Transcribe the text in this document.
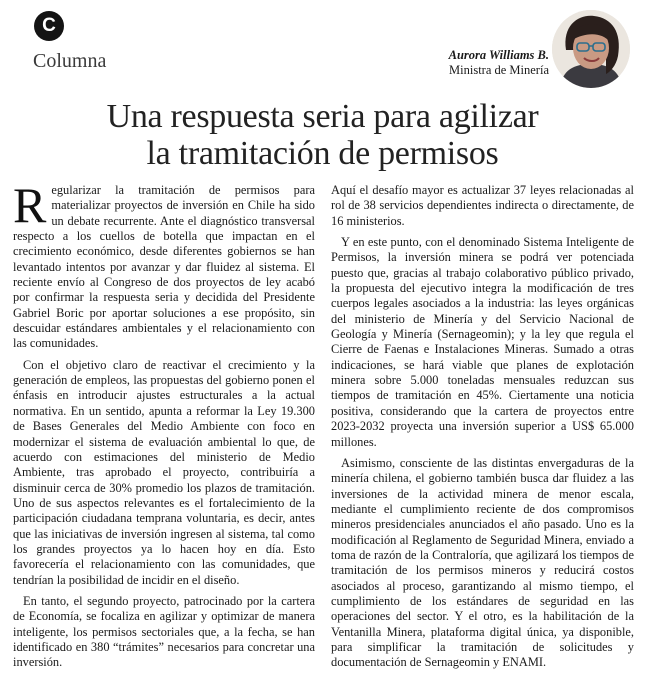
C
Columna	Aurora Williams B.
Ministra de Minería
Una respuesta seria para agilizar
la tramitación de permisos

Regularizar la tramitación de permisos para materializar proyectos de inversión en Chile ha sido un debate recurrente. Ante el diagnóstico transversal respecto a los cuellos de botella que impactan en el crecimiento económico, desde diferentes gobiernos se han levantado intentos por avanzar y dar fluidez al sistema. El reciente envío al Congreso de dos proyectos de ley acabó por confirmar la respuesta seria y decidida del Presidente Gabriel Boric por aportar soluciones a ese propósito, sin descuidar estándares ambientales y el relacionamiento con las comunidades.

Con el objetivo claro de reactivar el crecimiento y la generación de empleos, las propuestas del gobierno ponen el énfasis en introducir ajustes estructurales a la actual normativa. En un sentido, apunta a reformar la Ley 19.300 de Bases Generales del Medio Ambiente con foco en modernizar el sistema de evaluación ambiental lo que, de acuerdo con estimaciones del ministerio de Medio Ambiente, tras aprobado el proyecto, contribuiría a disminuir cerca de 30% promedio los plazos de tramitación. Uno de sus aspectos relevantes es el fortalecimiento de la participación ciudadana temprana voluntaria, es decir, antes que las iniciativas de inversión ingresen al sistema, tal como los grandes proyectos ya lo hacen hoy en día. Esto favorecería el relacionamiento con las comunidades, que tendrían la posibilidad de incidir en el diseño.

En tanto, el segundo proyecto, patrocinado por la cartera de Economía, se focaliza en agilizar y optimizar de manera inteligente, los permisos sectoriales que, a la fecha, se han identificado en 380 “trámites” necesarios para concretar una inversión.

Aquí el desafío mayor es actualizar 37 leyes relacionadas al rol de 38 servicios dependientes indirecta o directamente, de 16 ministerios.

Y en este punto, con el denominado Sistema Inteligente de Permisos, la inversión minera se podrá ver potenciada puesto que, gracias al trabajo colaborativo público privado, la propuesta del ejecutivo integra la modificación de tres cuerpos legales asociados a la industria: las leyes orgánicas del ministerio de Minería y del Servicio Nacional de Geología y Minería (Sernageomin); y la ley que regula el Cierre de Faenas e Instalaciones Mineras. Sumado a otras indicaciones, se hará viable que planes de explotación minera sobre 5.000 toneladas mensuales reduzcan sus tiempos de tramitación en 45%. Ciertamente una noticia positiva, considerando que la cartera de proyectos entre 2023-2032 proyecta una inversión superior a US$ 65.000 millones.

Asimismo, consciente de las distintas envergaduras de la minería chilena, el gobierno también busca dar fluidez a las inversiones de la actividad minera de menor escala, mediante el cumplimiento reciente de dos compromisos mineros presidenciales anunciados el año pasado. Uno es la modificación al Reglamento de Seguridad Minera, enviado a toma de razón de la Contraloría, que agilizará los tiempos de tramitación de los permisos mineros y reducirá costos asociados al proceso, garantizando al mismo tiempo, el cumplimiento de los estándares de seguridad en las operaciones del sector. Y el otro, es la habilitación de la Ventanilla Minera, plataforma digital única, ya disponible, para simplificar la tramitación de solicitudes y documentación de Sernageomin y ENAMI.
